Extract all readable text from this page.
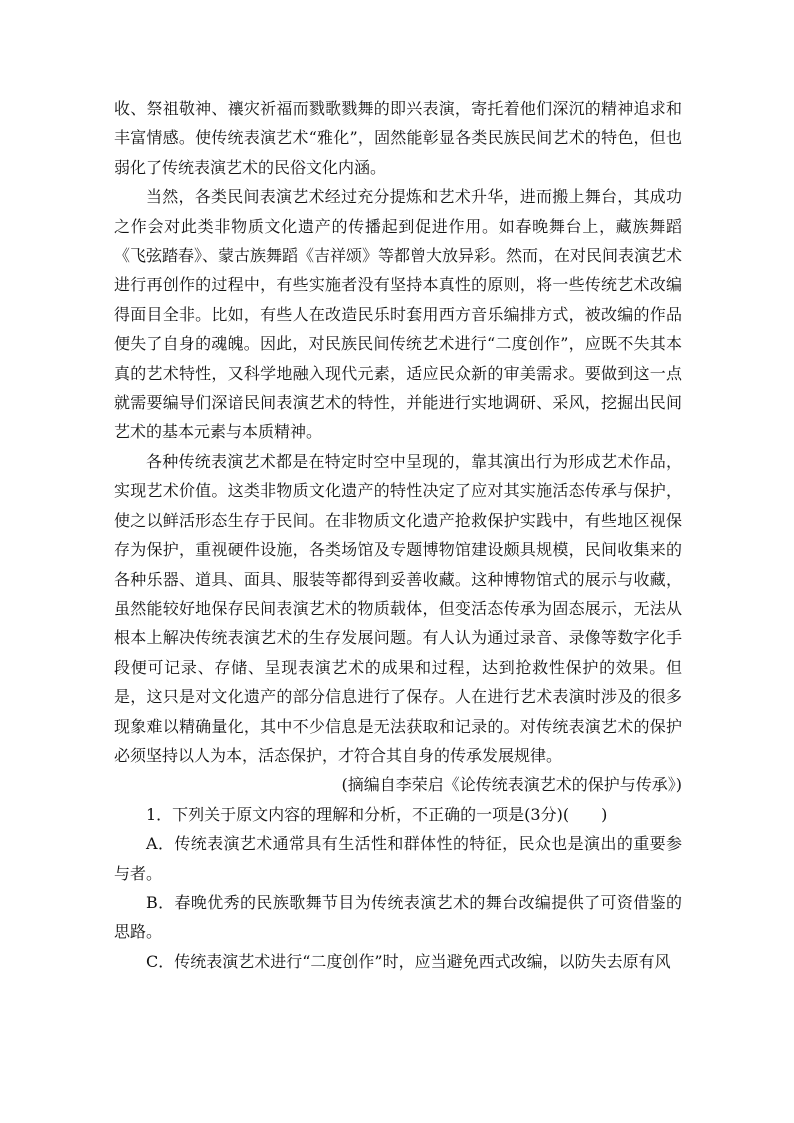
收、祭祖敬神、禳灾祈福而戮歌戮舞的即兴表演，寄托着他们深沉的精神追求和丰富情感。使传统表演艺术“雅化”，固然能彰显各类民族民间艺术的特色，但也弱化了传统表演艺术的民俗文化内涵。

当然，各类民间表演艺术经过充分提炼和艺术升华，进而搬上舞台，其成功之作会对此类非物质文化遗产的传播起到促进作用。如春晚舞台上，藏族舞蹈《飞弦踏春》、蒙古族舞蹈《吉祥颂》等都曾大放异彩。然而，在对民间表演艺术进行再创作的过程中，有些实施者没有坚持本真性的原则，将一些传统艺术改编得面目全非。比如，有些人在改造民乐时套用西方音乐编排方式，被改编的作品便失了自身的魂魄。因此，对民族民间传统艺术进行“二度创作”，应既不失其本真的艺术特性，又科学地融入现代元素，适应民众新的审美需求。要做到这一点就需要编导们深谙民间表演艺术的特性，并能进行实地调研、采风，挖掘出民间艺术的基本元素与本质精神。

各种传统表演艺术都是在特定时空中呈现的，靠其演出行为形成艺术作品，实现艺术价值。这类非物质文化遗产的特性决定了应对其实施活态传承与保护，使之以鲜活形态生存于民间。在非物质文化遗产抢救保护实践中，有些地区视保存为保护，重视硬件设施，各类场馆及专题博物馆建设颇具规模，民间收集来的各种乐器、道具、面具、服装等都得到妥善收藏。这种博物馆式的展示与收藏，虽然能较好地保存民间表演艺术的物质载体，但变活态传承为固态展示，无法从根本上解决传统表演艺术的生存发展问题。有人认为通过录音、录像等数字化手段便可记录、存储、呈现表演艺术的成果和过程，达到抢救性保护的效果。但是，这只是对文化遗产的部分信息进行了保存。人在进行艺术表演时涉及的很多现象难以精确量化，其中不少信息是无法获取和记录的。对传统表演艺术的保护必须坚持以人为本，活态保护，才符合其自身的传承发展规律。

(摘编自李荣启《论传统表演艺术的保护与传承》)

1．下列关于原文内容的理解和分析，不正确的一项是(3分)(　　)

A．传统表演艺术通常具有生活性和群体性的特征，民众也是演出的重要参与者。

B．春晚优秀的民族歌舞节目为传统表演艺术的舞台改编提供了可资借鉴的思路。

C．传统表演艺术进行“二度创作”时，应当避免西式改编，以防失去原有风
